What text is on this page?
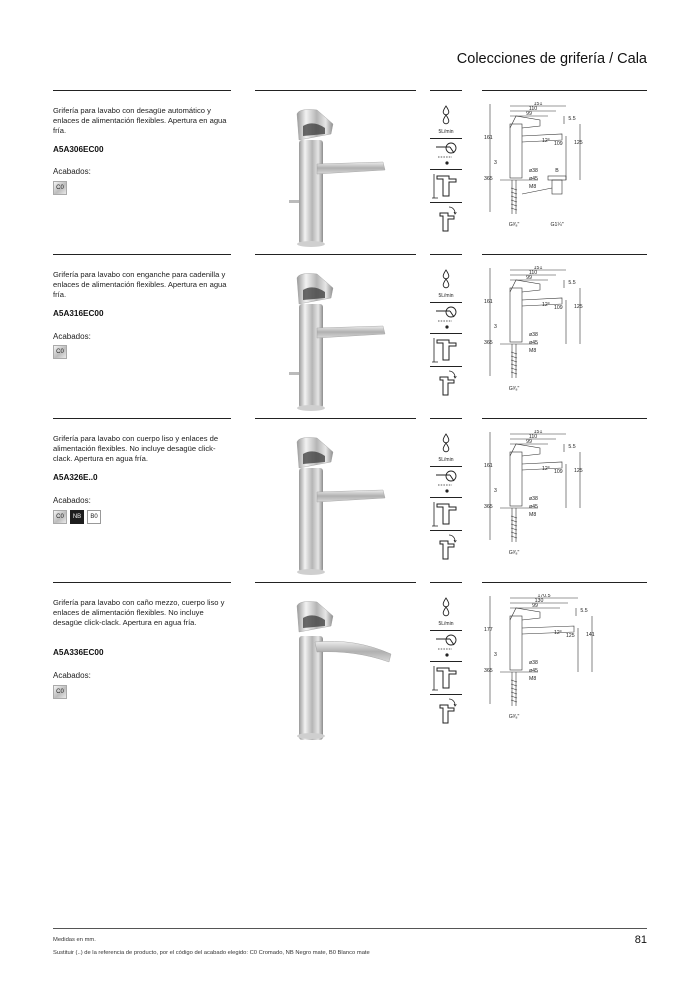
Colecciones de grifería / Cala
Grifería para lavabo con desagüe automático y enlaces de alimentación flexibles. Apertura en agua fría.
A5A306EC00
Acabados:
C0
5L/min
151
110
99
5.5
161
3
365
12° 109 125
ø38
ø45
M8
G³⁄₈"
B
G1¼"
Grifería para lavabo con enganche para cadenilla y enlaces de alimentación flexibles. Apertura en agua fría.
A5A316EC00
Acabados:
C0
5L/min
151
110
99
5.5
161
3
365
12° 109 125
ø38
ø45
M8
G³⁄₈"
Grifería para lavabo con cuerpo liso y enlaces de alimentación flexibles. No incluye desagüe click-clack. Apertura en agua fría.
A5A326E..0
Acabados:
C0	NB	B0
5L/min
151
110
99
5.5
161
3
365
12° 109 125
ø38
ø45
M8
G³⁄₈"
Grifería para lavabo con caño mezzo, cuerpo liso y enlaces de alimentación flexibles. No incluye desagüe click-clack. Apertura en agua fría.
A5A336EC00
Acabados:
C0
5L/min
170.5
130
99
5.5
177
3
365
12° 125 141
ø38
ø45
M8
G³⁄₈"
Medidas en mm.
Sustituir (..) de la referencia de producto, por el código del acabado elegido: C0 Cromado, NB Negro mate, B0 Blanco mate
81
